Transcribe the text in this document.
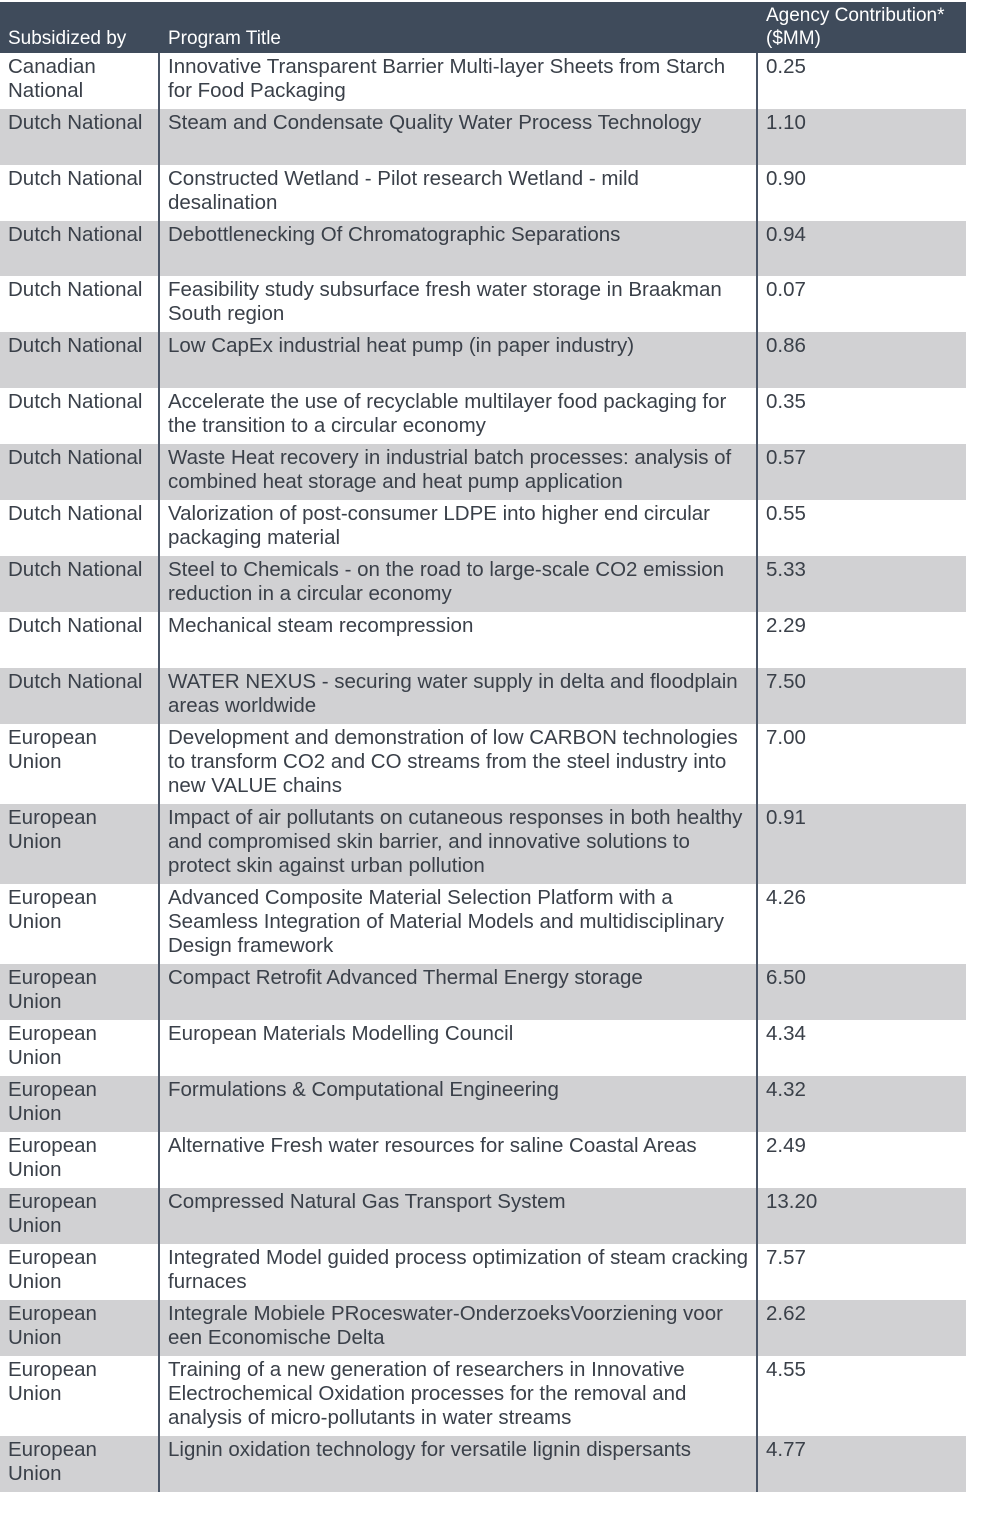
Subsidized by	Program Title	Agency Contribution* ($MM)
Canadian National	Innovative Transparent Barrier Multi-layer Sheets from Starch for Food Packaging	0.25
Dutch National	Steam and Condensate Quality Water Process Technology	1.10
Dutch National	Constructed Wetland - Pilot research Wetland - mild desalination	0.90
Dutch National	Debottlenecking Of Chromatographic Separations	0.94
Dutch National	Feasibility study subsurface fresh water storage in Braakman South region	0.07
Dutch National	Low CapEx industrial heat pump (in paper industry)	0.86
Dutch National	Accelerate the use of recyclable multilayer food packaging for the transition to a circular economy	0.35
Dutch National	Waste Heat recovery in industrial batch processes: analysis of combined heat storage and heat pump application	0.57
Dutch National	Valorization of post-consumer LDPE into higher end circular packaging material	0.55
Dutch National	Steel to Chemicals - on the road to large-scale CO2 emission reduction in a circular economy	5.33
Dutch National	Mechanical steam recompression	2.29
Dutch National	WATER NEXUS - securing water supply in delta and floodplain areas worldwide	7.50
European Union	Development and demonstration of low CARBON technologies to transform CO2 and CO streams from the steel industry into new VALUE chains	7.00
European Union	Impact of air pollutants on cutaneous responses in both healthy and compromised skin barrier, and innovative solutions to protect skin against urban pollution	0.91
European Union	Advanced Composite Material Selection Platform with a Seamless Integration of Material Models and multidisciplinary Design framework	4.26
European Union	Compact Retrofit Advanced Thermal Energy storage	6.50
European Union	European Materials Modelling Council	4.34
European Union	Formulations & Computational Engineering	4.32
European Union	Alternative Fresh water resources for saline Coastal Areas	2.49
European Union	Compressed Natural Gas Transport System	13.20
European Union	Integrated Model guided process optimization of steam cracking furnaces	7.57
European Union	Integrale Mobiele PRoceswater-OnderzoeksVoorziening voor een Economische Delta	2.62
European Union	Training of a new generation of researchers in Innovative Electrochemical Oxidation processes for the removal and analysis of micro-pollutants in water streams	4.55
European Union	Lignin oxidation technology for versatile lignin dispersants	4.77
